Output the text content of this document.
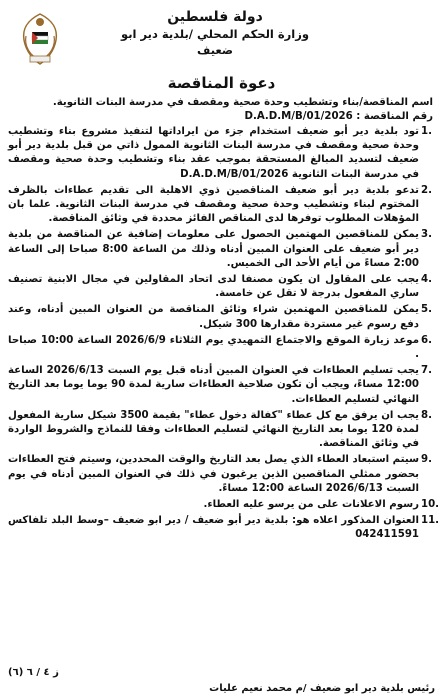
دولة فلسطين
وزارة الحكم المحلي /بلدية دير ابو ضعيف
دعوة المناقصة
اسم المناقصة/بناء وتشطيب وحدة صحية ومقصف في مدرسة البنات الثانوية.
رقم المناقصة : D.A.D.M/B/01/2026
1.
تود بلدية دير أبو ضعيف استخدام جزء من ايراداتها لتنفيذ مشروع بناء وتشطيب وحدة صحية ومقصف في مدرسة البنات الثانوية الممول ذاتي من قبل بلدية دير أبو ضعيف لتسديد المبالغ المستحقة بموجب عقد بناء وتشطيب وحدة صحية ومقصف في مدرسة البنات الثانوية D.A.D.M/B/01/2026
2.
تدعو بلدية دير أبو ضعيف المناقصين ذوي الاهلية الى تقديم عطاءات بالظرف المختوم لبناء وتشطيب وحدة صحية ومقصف في مدرسة البنات الثانوية. علما بان المؤهلات المطلوب توفرها لدى المناقص الفائز محددة في وثائق المناقصة.
3.
يمكن للمناقصين المهتمين الحصول على معلومات إضافية عن المناقصة من بلدية دير أبو ضعيف على العنوان المبين أدناه وذلك من الساعة 8:00 صباحا إلى الساعة 2:00 مساءً من أيام الأحد الى الخميس.
4.
يجب على المقاول ان يكون مصنفا لدى اتحاد المقاولين في مجال الابنية تصنيف ساري المفعول بدرجة لا تقل عن خامسة.
5.
يمكن للمناقصين المهتمين شراء وثائق المناقصة من العنوان المبين أدناه، وعند دفع رسوم غير مستردة مقدارها 300 شيكل.
6.
موعد زيارة الموقع والاجتماع التمهيدي يوم الثلاثاء 2026/6/9 الساعة 10:00 صباحا .
7.
يجب تسليم العطاءات في العنوان المبين أدناه قبل يوم السبت 2026/6/13 الساعة 12:00 مساءً، ويجب أن تكون صلاحية العطاءات سارية لمدة 90 يوما يوما بعد التاريخ النهائي لتسليم العطاءات.
8.
يجب ان يرفق مع كل عطاء "كفالة دخول عطاء" بقيمة 3500 شيكل سارية المفعول لمدة 120 يوما بعد التاريخ النهائي لتسليم العطاءات وفقا للنماذج والشروط الواردة في وثائق المناقصة.
9.
سيتم استبعاد العطاء الذي يصل بعد التاريخ والوقت المحددين، وسيتم فتح العطاءات بحضور ممثلي المناقصين الذين يرغبون في ذلك في العنوان المبين أدناه في يوم السبت 2026/6/13 الساعة 12:00 مساءً.
10.
رسوم الاعلانات على من يرسو عليه العطاء.
11.
العنوان المذكور اعلاه هو: بلدية دير أبو ضعيف / دير ابو ضعيف –وسط البلد تلفاكس 042411591
ز ٤ / ٦ (٦)
رئيس بلدية دير ابو ضعيف /م محمد نعيم عليات
